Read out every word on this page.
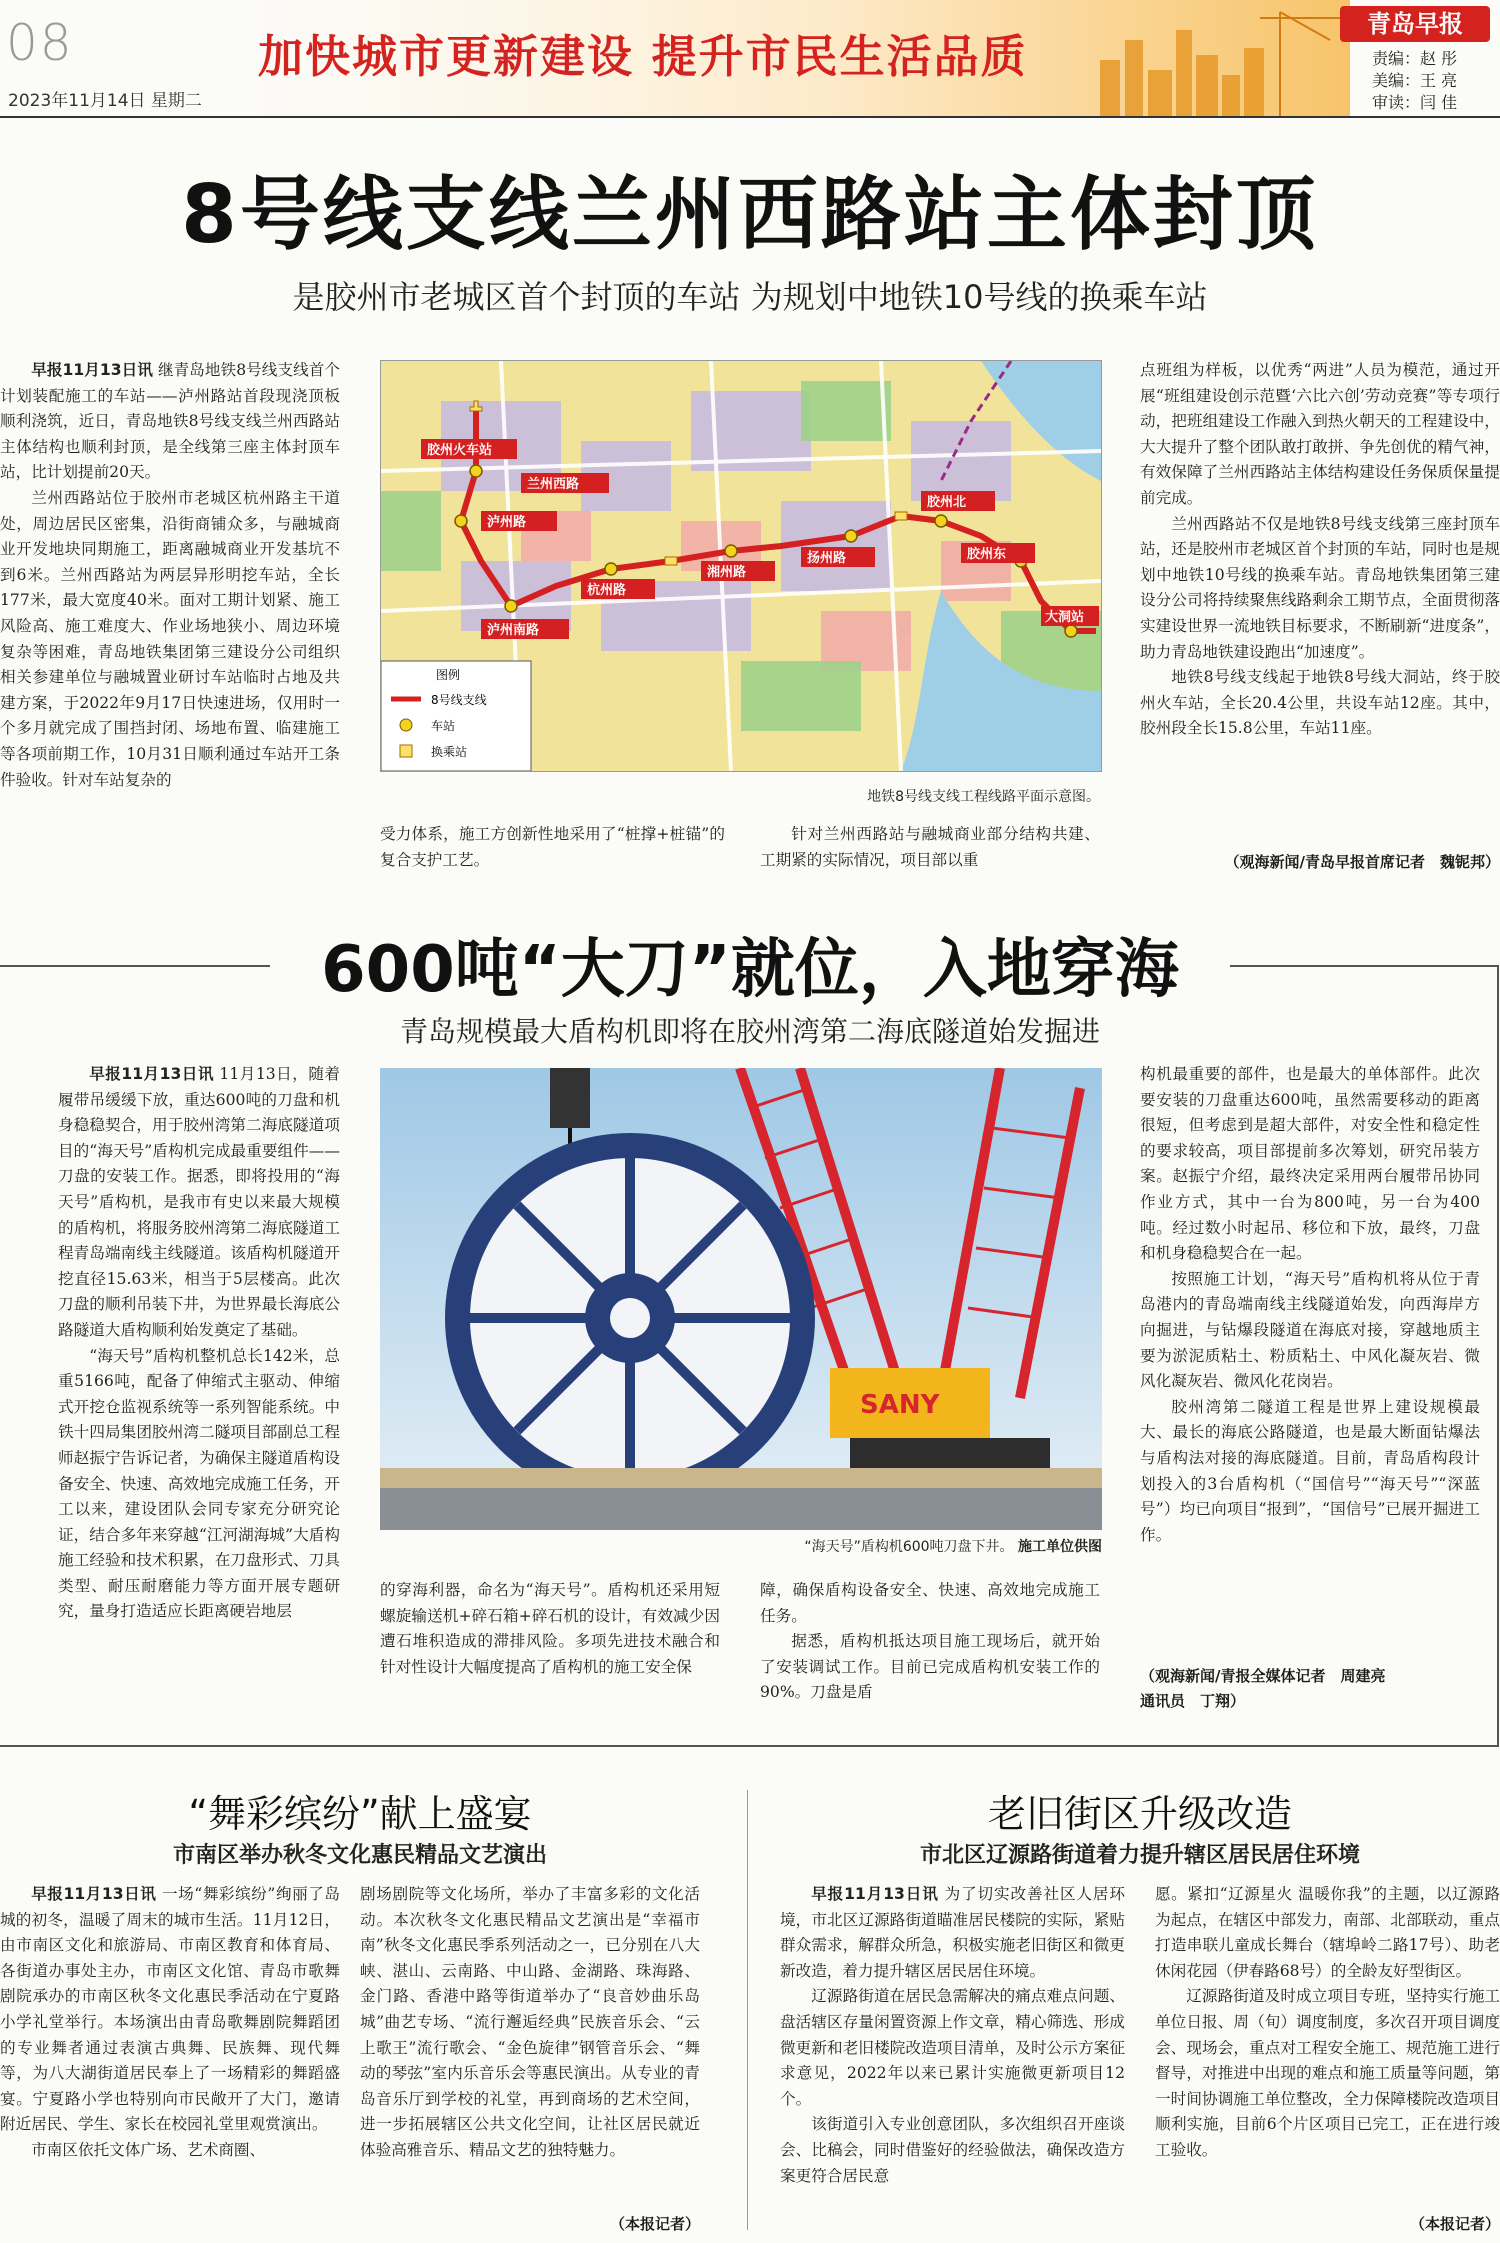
08
2023年11月14日 星期二
加快城市更新建设 提升市民生活品质
青岛早报
责编：赵 彤
美编：王 亮
审读：闫 佳
8号线支线兰州西路站主体封顶
是胶州市老城区首个封顶的车站 为规划中地铁10号线的换乘车站

早报11月13日讯 继青岛地铁8号线支线首个计划装配施工的车站——泸州路站首段现浇顶板顺利浇筑，近日，青岛地铁8号线支线兰州西路站主体结构也顺利封顶，是全线第三座主体封顶车站，比计划提前20天。

兰州西路站位于胶州市老城区杭州路主干道处，周边居民区密集，沿街商铺众多，与融城商业开发地块同期施工，距离融城商业开发基坑不到6米。兰州西路站为两层异形明挖车站，全长177米，最大宽度40米。面对工期计划紧、施工风险高、施工难度大、作业场地狭小、周边环境复杂等困难，青岛地铁集团第三建设分公司组织相关参建单位与融城置业研讨车站临时占地及共建方案，于2022年9月17日快速进场，仅用时一个多月就完成了围挡封闭、场地布置、临建施工等各项前期工作，10月31日顺利通过车站开工条件验收。针对车站复杂的

胶州火车站
兰州西路
泸州路
杭州路
湘州路
扬州路
泸州南路
胶州北
胶州东
大洞站
图例
8号线支线
车站
换乘站
地铁8号线支线工程线路平面示意图。

受力体系，施工方创新性地采用了“桩撑+桩锚”的复合支护工艺。

针对兰州西路站与融城商业部分结构共建、工期紧的实际情况，项目部以重

点班组为样板，以优秀“两进”人员为模范，通过开展“班组建设创示范暨‘六比六创’劳动竞赛”等专项行动，把班组建设工作融入到热火朝天的工程建设中，大大提升了整个团队敢打敢拼、争先创优的精气神，有效保障了兰州西路站主体结构建设任务保质保量提前完成。

兰州西路站不仅是地铁8号线支线第三座封顶车站，还是胶州市老城区首个封顶的车站，同时也是规划中地铁10号线的换乘车站。青岛地铁集团第三建设分公司将持续聚焦线路剩余工期节点，全面贯彻落实建设世界一流地铁目标要求，不断刷新“进度条”，助力青岛地铁建设跑出“加速度”。

地铁8号线支线起于地铁8号线大洞站，终于胶州火车站，全长20.4公里，共设车站12座。其中，胶州段全长15.8公里，车站11座。

（观海新闻/青岛早报首席记者　魏铌邦）
600吨“大刀”就位，入地穿海
青岛规模最大盾构机即将在胶州湾第二海底隧道始发掘进

早报11月13日讯 11月13日，随着履带吊缓缓下放，重达600吨的刀盘和机身稳稳契合，用于胶州湾第二海底隧道项目的“海天号”盾构机完成最重要组件——刀盘的安装工作。据悉，即将投用的“海天号”盾构机，是我市有史以来最大规模的盾构机，将服务胶州湾第二海底隧道工程青岛端南线主线隧道。该盾构机隧道开挖直径15.63米，相当于5层楼高。此次刀盘的顺利吊装下井，为世界最长海底公路隧道大盾构顺利始发奠定了基础。

“海天号”盾构机整机总长142米，总重5166吨，配备了伸缩式主驱动、伸缩式开挖仓监视系统等一系列智能系统。中铁十四局集团胶州湾二隧项目部副总工程师赵振宁告诉记者，为确保主隧道盾构设备安全、快速、高效地完成施工任务，开工以来，建设团队会同专家充分研究论证，结合多年来穿越“江河湖海城”大盾构施工经验和技术积累，在刀盘形式、刀具类型、耐压耐磨能力等方面开展专题研究，量身打造适应长距离硬岩地层

SANY
“海天号”盾构机600吨刀盘下井。 施工单位供图

的穿海利器，命名为“海天号”。盾构机还采用短螺旋输送机+碎石箱+碎石机的设计，有效减少因遭石堆积造成的滞排风险。多项先进技术融合和针对性设计大幅度提高了盾构机的施工安全保

障，确保盾构设备安全、快速、高效地完成施工任务。

据悉，盾构机抵达项目施工现场后，就开始了安装调试工作。目前已完成盾构机安装工作的90%。刀盘是盾

构机最重要的部件，也是最大的单体部件。此次要安装的刀盘重达600吨，虽然需要移动的距离很短，但考虑到是超大部件，对安全性和稳定性的要求较高，项目部提前多次筹划，研究吊装方案。赵振宁介绍，最终决定采用两台履带吊协同作业方式，其中一台为800吨，另一台为400吨。经过数小时起吊、移位和下放，最终，刀盘和机身稳稳契合在一起。

按照施工计划，“海天号”盾构机将从位于青岛港内的青岛端南线主线隧道始发，向西海岸方向掘进，与钻爆段隧道在海底对接，穿越地质主要为淤泥质粘土、粉质粘土、中风化凝灰岩、微风化凝灰岩、微风化花岗岩。

胶州湾第二隧道工程是世界上建设规模最大、最长的海底公路隧道，也是最大断面钻爆法与盾构法对接的海底隧道。目前，青岛盾构段计划投入的3台盾构机（“国信号”“海天号”“深蓝号”）均已向项目“报到”，“国信号”已展开掘进工作。

（观海新闻/青报全媒体记者　周建亮
通讯员　丁翔）
“舞彩缤纷”献上盛宴
市南区举办秋冬文化惠民精品文艺演出

早报11月13日讯 一场“舞彩缤纷”绚丽了岛城的初冬，温暖了周末的城市生活。11月12日，由市南区文化和旅游局、市南区教育和体育局、各街道办事处主办，市南区文化馆、青岛市歌舞剧院承办的市南区秋冬文化惠民季活动在宁夏路小学礼堂举行。本场演出由青岛歌舞剧院舞蹈团的专业舞者通过表演古典舞、民族舞、现代舞等，为八大湖街道居民奉上了一场精彩的舞蹈盛宴。宁夏路小学也特别向市民敞开了大门，邀请附近居民、学生、家长在校园礼堂里观赏演出。

市南区依托文体广场、艺术商圈、

剧场剧院等文化场所，举办了丰富多彩的文化活动。本次秋冬文化惠民精品文艺演出是“幸福市南”秋冬文化惠民季系列活动之一，已分别在八大峡、湛山、云南路、中山路、金湖路、珠海路、金门路、香港中路等街道举办了“良音妙曲乐岛城”曲艺专场、“流行邂逅经典”民族音乐会、“云上歌王”流行歌会、“金色旋律”钢管音乐会、“舞动的琴弦”室内乐音乐会等惠民演出。从专业的青岛音乐厅到学校的礼堂，再到商场的艺术空间，进一步拓展辖区公共文化空间，让社区居民就近体验高雅音乐、精品文艺的独特魅力。

（本报记者）
老旧街区升级改造
市北区辽源路街道着力提升辖区居民居住环境

早报11月13日讯 为了切实改善社区人居环境，市北区辽源路街道瞄准居民楼院的实际，紧贴群众需求，解群众所急，积极实施老旧街区和微更新改造，着力提升辖区居民居住环境。

辽源路街道在居民急需解决的痛点难点问题、盘活辖区存量闲置资源上作文章，精心筛选、形成微更新和老旧楼院改造项目清单，及时公示方案征求意见，2022年以来已累计实施微更新项目12个。

该街道引入专业创意团队，多次组织召开座谈会、比稿会，同时借鉴好的经验做法，确保改造方案更符合居民意

愿。紧扣“辽源星火 温暖你我”的主题，以辽源路为起点，在辖区中部发力，南部、北部联动，重点打造串联儿童成长舞台（辖埠岭二路17号）、助老休闲花园（伊春路68号）的全龄友好型街区。

辽源路街道及时成立项目专班，坚持实行施工单位日报、周（旬）调度制度，多次召开项目调度会、现场会，重点对工程安全施工、规范施工进行督导，对推进中出现的难点和施工质量等问题，第一时间协调施工单位整改，全力保障楼院改造项目顺利实施，目前6个片区项目已完工，正在进行竣工验收。

（本报记者）
